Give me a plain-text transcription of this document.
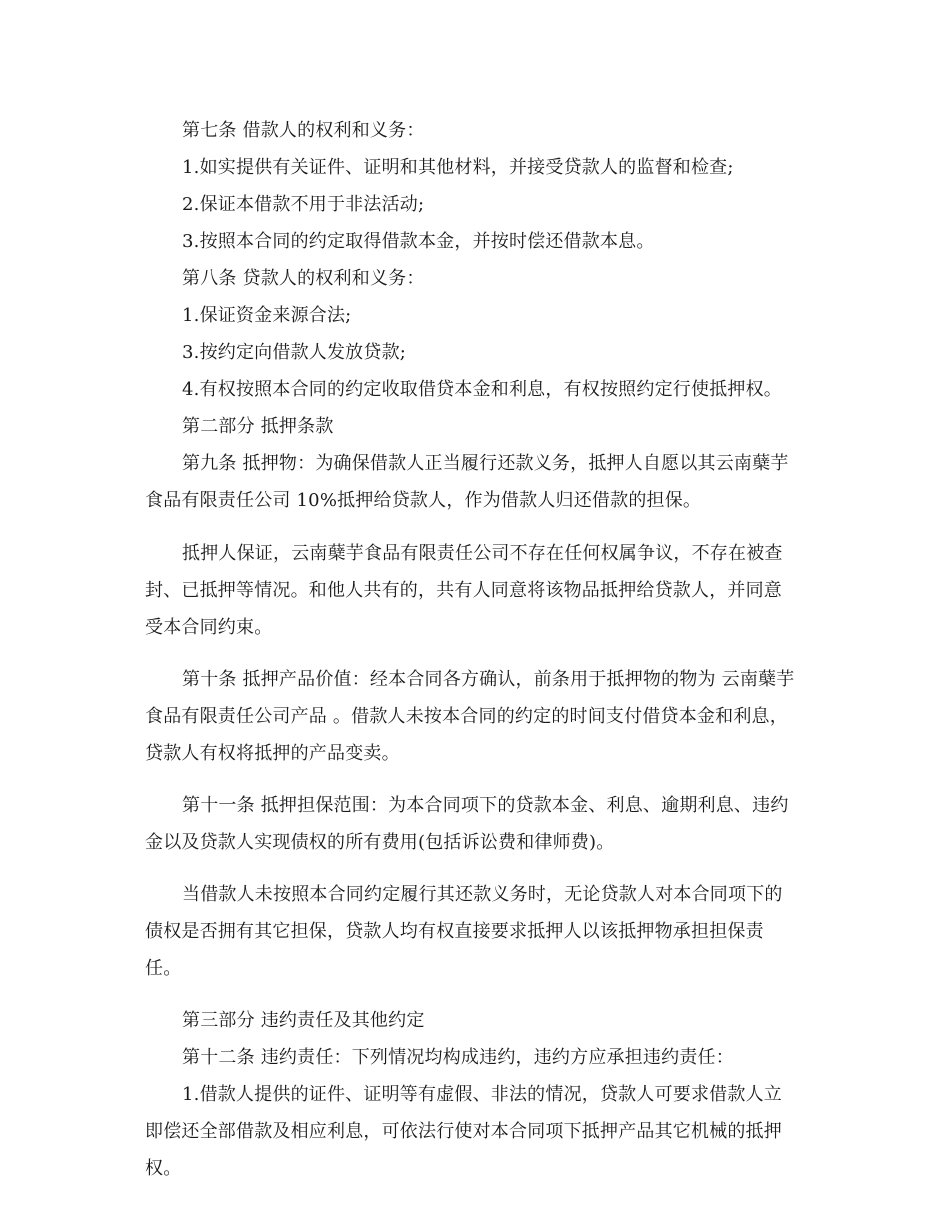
第七条 借款人的权利和义务：
1.如实提供有关证件、证明和其他材料，并接受贷款人的监督和检查;
2.保证本借款不用于非法活动;
3.按照本合同的约定取得借款本金，并按时偿还借款本息。
第八条 贷款人的权利和义务：
1.保证资金来源合法;
3.按约定向借款人发放贷款;
4.有权按照本合同的约定收取借贷本金和利息，有权按照约定行使抵押权。
第二部分 抵押条款
第九条 抵押物：为确保借款人正当履行还款义务，抵押人自愿以其云南蘖芋
食品有限责任公司 10%抵押给贷款人，作为借款人归还借款的担保。
抵押人保证，云南蘖芋食品有限责任公司不存在任何权属争议，不存在被查
封、已抵押等情况。和他人共有的，共有人同意将该物品抵押给贷款人，并同意
受本合同约束。
第十条 抵押产品价值：经本合同各方确认，前条用于抵押物的物为 云南蘖芋
食品有限责任公司产品 。借款人未按本合同的约定的时间支付借贷本金和利息，
贷款人有权将抵押的产品变卖。
第十一条 抵押担保范围：为本合同项下的贷款本金、利息、逾期利息、违约
金以及贷款人实现债权的所有费用(包括诉讼费和律师费)。
当借款人未按照本合同约定履行其还款义务时，无论贷款人对本合同项下的
债权是否拥有其它担保，贷款人均有权直接要求抵押人以该抵押物承担担保责
任。
第三部分 违约责任及其他约定
第十二条 违约责任：下列情况均构成违约，违约方应承担违约责任：
1.借款人提供的证件、证明等有虚假、非法的情况，贷款人可要求借款人立
即偿还全部借款及相应利息，可依法行使对本合同项下抵押产品其它机械的抵押
权。
